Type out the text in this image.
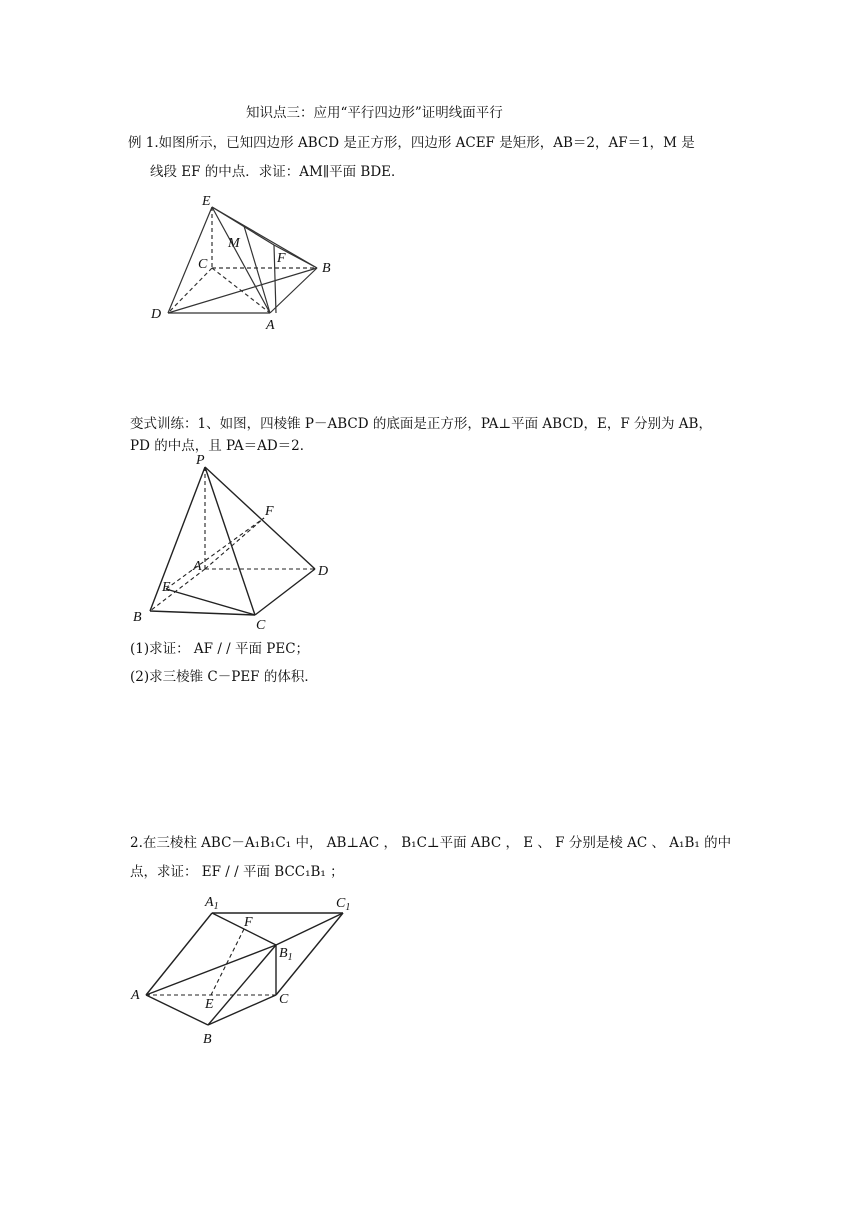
知识点三：应用“平行四边形”证明线面平行
例 1.如图所示，已知四边形 ABCD 是正方形，四边形 ACEF 是矩形，AB＝2，AF＝1，M 是
线段 EF 的中点．求证：AM∥平面 BDE．
E
M
C	F
B
D
A
变式训练：1、如图，四棱锥 P－ABCD 的底面是正方形，PA⊥平面 ABCD，E，F 分别为 AB，
PD 的中点，且 PA＝AD＝2．
P
F
A	D
E
B
C
(1)求证： AF / / 平面 PEC；
(2)求三棱锥 C－PEF 的体积．
2.在三棱柱 ABC－A₁B₁C₁ 中， AB⊥AC ， B₁C⊥平面 ABC ， E 、 F 分别是棱 AC 、 A₁B₁ 的中
点，求证： EF / / 平面 BCC₁B₁ ；
$A_1$	$C_1$
F
$B_1$
A
E	C
B
